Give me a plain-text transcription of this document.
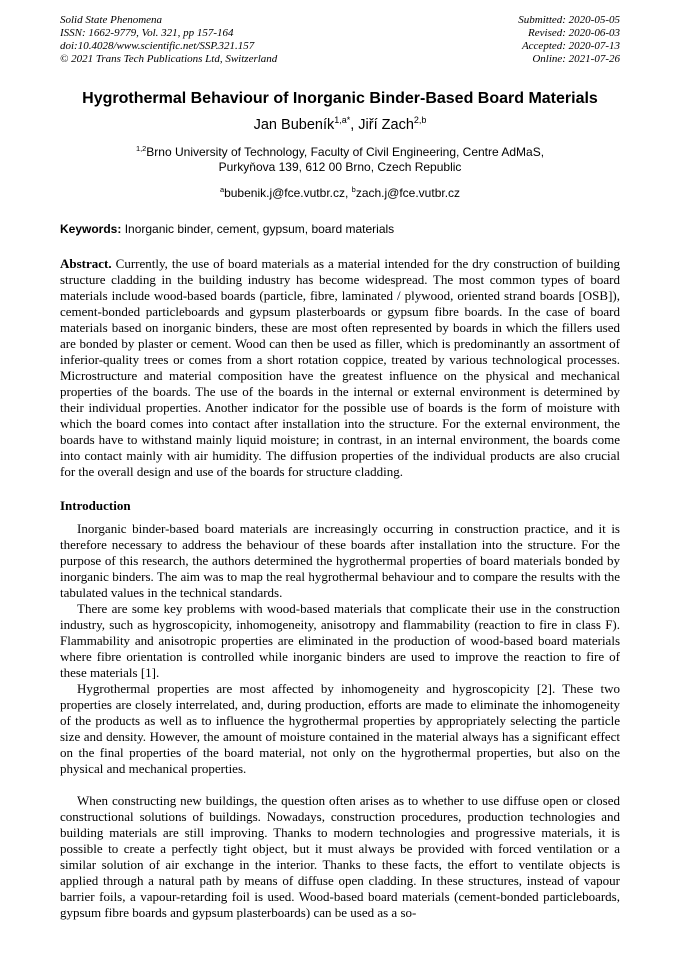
Solid State Phenomena
ISSN: 1662-9779, Vol. 321, pp 157-164
doi:10.4028/www.scientific.net/SSP.321.157
© 2021 Trans Tech Publications Ltd, Switzerland
Submitted: 2020-05-05
Revised: 2020-06-03
Accepted: 2020-07-13
Online: 2021-07-26
Hygrothermal Behaviour of Inorganic Binder-Based Board Materials
Jan Bubeník$^{1,a*}$, Jiří Zach$^{2,b}$
$^{1,2}$Brno University of Technology, Faculty of Civil Engineering, Centre AdMaS,
Purkyňova 139, 612 00 Brno, Czech Republic
$^a$bubenik.j@fce.vutbr.cz, $^b$zach.j@fce.vutbr.cz
Keywords: Inorganic binder, cement, gypsum, board materials
Abstract. Currently, the use of board materials as a material intended for the dry construction of building structure cladding in the building industry has become widespread. The most common types of board materials include wood-based boards (particle, fibre, laminated / plywood, oriented strand boards [OSB]), cement-bonded particleboards and gypsum plasterboards or gypsum fibre boards. In the case of board materials based on inorganic binders, these are most often represented by boards in which the fillers used are bonded by plaster or cement. Wood can then be used as filler, which is predominantly an assortment of inferior-quality trees or comes from a short rotation coppice, treated by various technological processes. Microstructure and material composition have the greatest influence on the physical and mechanical properties of the boards. The use of the boards in the internal or external environment is determined by their individual properties. Another indicator for the possible use of boards is the form of moisture with which the board comes into contact after installation into the structure. For the external environment, the boards have to withstand mainly liquid moisture; in contrast, in an internal environment, the boards come into contact mainly with air humidity. The diffusion properties of the individual products are also crucial for the overall design and use of the boards for structure cladding.
Introduction

Inorganic binder-based board materials are increasingly occurring in construction practice, and it is therefore necessary to address the behaviour of these boards after installation into the structure. For the purpose of this research, the authors determined the hygrothermal properties of board materials bonded by inorganic binders. The aim was to map the real hygrothermal behaviour and to compare the results with the tabulated values in the technical standards.

There are some key problems with wood-based materials that complicate their use in the construction industry, such as hygroscopicity, inhomogeneity, anisotropy and flammability (reaction to fire in class F). Flammability and anisotropic properties are eliminated in the production of wood-based board materials where fibre orientation is controlled while inorganic binders are used to improve the reaction to fire of these materials [1].

Hygrothermal properties are most affected by inhomogeneity and hygroscopicity [2]. These two properties are closely interrelated, and, during production, efforts are made to eliminate the inhomogeneity of the products as well as to influence the hygrothermal properties by appropriately selecting the particle size and density. However, the amount of moisture contained in the material always has a significant effect on the final properties of the board material, not only on the hygrothermal properties, but also on the physical and mechanical properties.

When constructing new buildings, the question often arises as to whether to use diffuse open or closed constructional solutions of buildings. Nowadays, construction procedures, production technologies and building materials are still improving. Thanks to modern technologies and progressive materials, it is possible to create a perfectly tight object, but it must always be provided with forced ventilation or a similar solution of air exchange in the interior. Thanks to these facts, the effort to ventilate objects is applied through a natural path by means of diffuse open cladding. In these structures, instead of vapour barrier foils, a vapour-retarding foil is used. Wood-based board materials (cement-bonded particleboards, gypsum fibre boards and gypsum plasterboards) can be used as a so-
